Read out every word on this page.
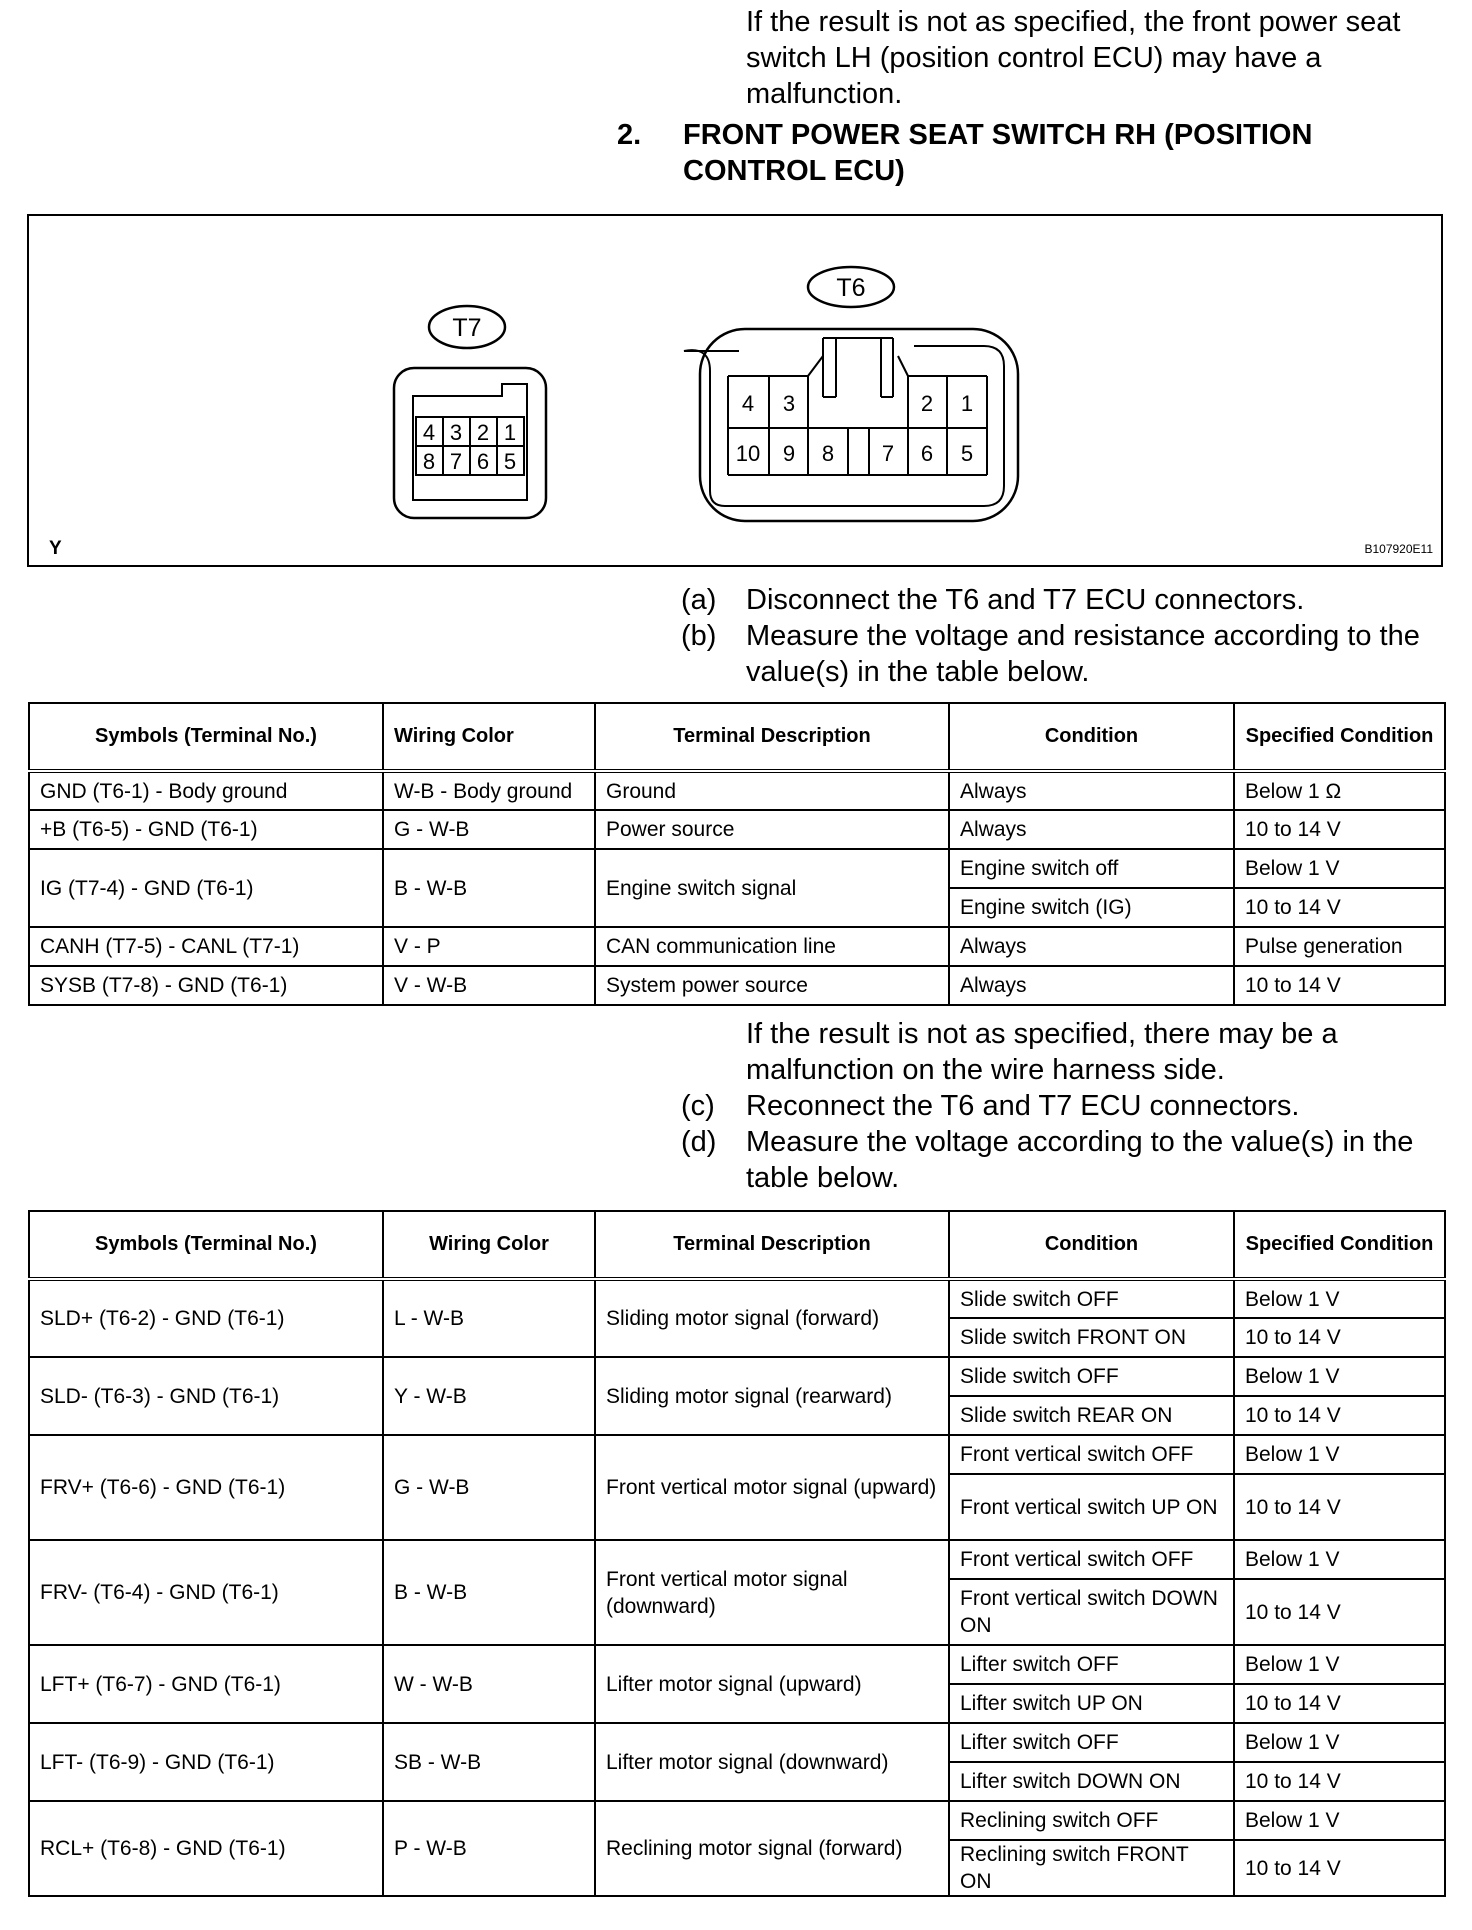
If the result is not as specified, the front power seat switch LH (position control ECU) may have a malfunction.

2. FRONT POWER SEAT SWITCH RH (POSITION CONTROL ECU)
T7
4 3 2 1
8 7 6 5
T6
4 3	2 1
10 9 8 7 6 5
Y	B107920E11
(a) Disconnect the T6 and T7 ECU connectors.
(b) Measure the voltage and resistance according to the value(s) in the table below.
Symbols (Terminal No.)	Wiring Color	Terminal Description	Condition	Specified Condition
GND (T6-1) - Body ground	W-B - Body ground	Ground	Always	Below 1 Ω
+B (T6-5) - GND (T6-1)	G - W-B	Power source	Always	10 to 14 V
IG (T7-4) - GND (T6-1)	B - W-B	Engine switch signal	Engine switch off	Below 1 V
			Engine switch (IG)	10 to 14 V
CANH (T7-5) - CANL (T7-1)	V - P	CAN communication line	Always	Pulse generation
SYSB (T7-8) - GND (T6-1)	V - W-B	System power source	Always	10 to 14 V

If the result is not as specified, there may be a malfunction on the wire harness side.

(c) Reconnect the T6 and T7 ECU connectors.
(d) Measure the voltage according to the value(s) in the table below.
Symbols (Terminal No.)	Wiring Color	Terminal Description	Condition	Specified Condition
SLD+ (T6-2) - GND (T6-1)	L - W-B	Sliding motor signal (forward)	Slide switch OFF	Below 1 V
			Slide switch FRONT ON	10 to 14 V
SLD- (T6-3) - GND (T6-1)	Y - W-B	Sliding motor signal (rearward)	Slide switch OFF	Below 1 V
			Slide switch REAR ON	10 to 14 V
FRV+ (T6-6) - GND (T6-1)	G - W-B	Front vertical motor signal (upward)	Front vertical switch OFF	Below 1 V
			Front vertical switch UP ON	10 to 14 V
FRV- (T6-4) - GND (T6-1)	B - W-B	Front vertical motor signal (downward)	Front vertical switch OFF	Below 1 V
			Front vertical switch DOWN ON	10 to 14 V
LFT+ (T6-7) - GND (T6-1)	W - W-B	Lifter motor signal (upward)	Lifter switch OFF	Below 1 V
			Lifter switch UP ON	10 to 14 V
LFT- (T6-9) - GND (T6-1)	SB - W-B	Lifter motor signal (downward)	Lifter switch OFF	Below 1 V
			Lifter switch DOWN ON	10 to 14 V
RCL+ (T6-8) - GND (T6-1)	P - W-B	Reclining motor signal (forward)	Reclining switch OFF	Below 1 V
			Reclining switch FRONT ON	10 to 14 V
